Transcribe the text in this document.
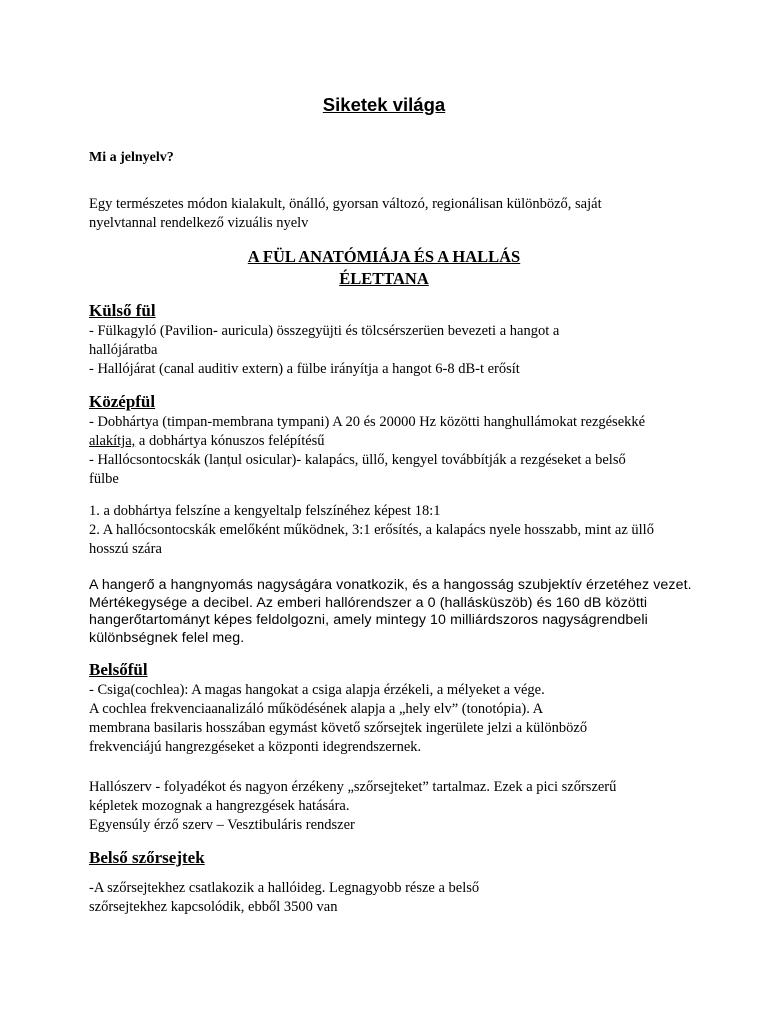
Siketek világa

Mi a jelnyelv?

Egy természetes módon kialakult, önálló, gyorsan változó, regionálisan különböző, saját

nyelvtannal rendelkező vizuális nyelv

A FÜL ANATÓMIÁJA ÉS A HALLÁS

ÉLETTANA

Külső fül

- Fülkagyló (Pavilion- auricula) összegyüjti és tölcsérszerüen bevezeti a hangot a

hallójáratba

- Hallójárat (canal auditiv extern) a fülbe irányítja a hangot 6-8 dB-t erősít

Középfül

- Dobhártya (timpan-membrana tympani) A 20 és 20000 Hz közötti hanghullámokat rezgésekké

alakítja, a dobhártya kónuszos felépítésű

- Hallócsontocskák (lanțul osicular)- kalapács, üllő, kengyel továbbítják a rezgéseket a belső

fülbe

1. a dobhártya felszíne a kengyeltalp felszínéhez képest 18:1

2. A hallócsontocskák emelőként működnek, 3:1 erősítés, a kalapács nyele hosszabb, mint az üllő

hosszú szára

A hangerő a hangnyomás nagyságára vonatkozik, és a hangosság szubjektív érzetéhez vezet.

Mértékegysége a decibel. Az emberi hallórendszer a 0 (hallásküszöb) és 160 dB közötti

hangerőtartományt képes feldolgozni, amely mintegy 10 milliárdszoros nagyságrendbeli

különbségnek felel meg.

Belsőfül

- Csiga(cochlea): A magas hangokat a csiga alapja érzékeli, a mélyeket a vége.

A cochlea frekvenciaanalizáló működésének alapja a „hely elv” (tonotópia). A

membrana basilaris hosszában egymást követő szőrsejtek ingerülete jelzi a különböző

frekvenciájú hangrezgéseket a központi idegrendszernek.

Hallószerv - folyadékot és nagyon érzékeny „szőrsejteket” tartalmaz. Ezek a pici szőrszerű

képletek mozognak a hangrezgések hatására.

Egyensúly érző szerv – Vesztibuláris rendszer

Belső szőrsejtek

-A szőrsejtekhez csatlakozik a hallóideg. Legnagyobb része a belső

szőrsejtekhez kapcsolódik, ebből 3500 van
